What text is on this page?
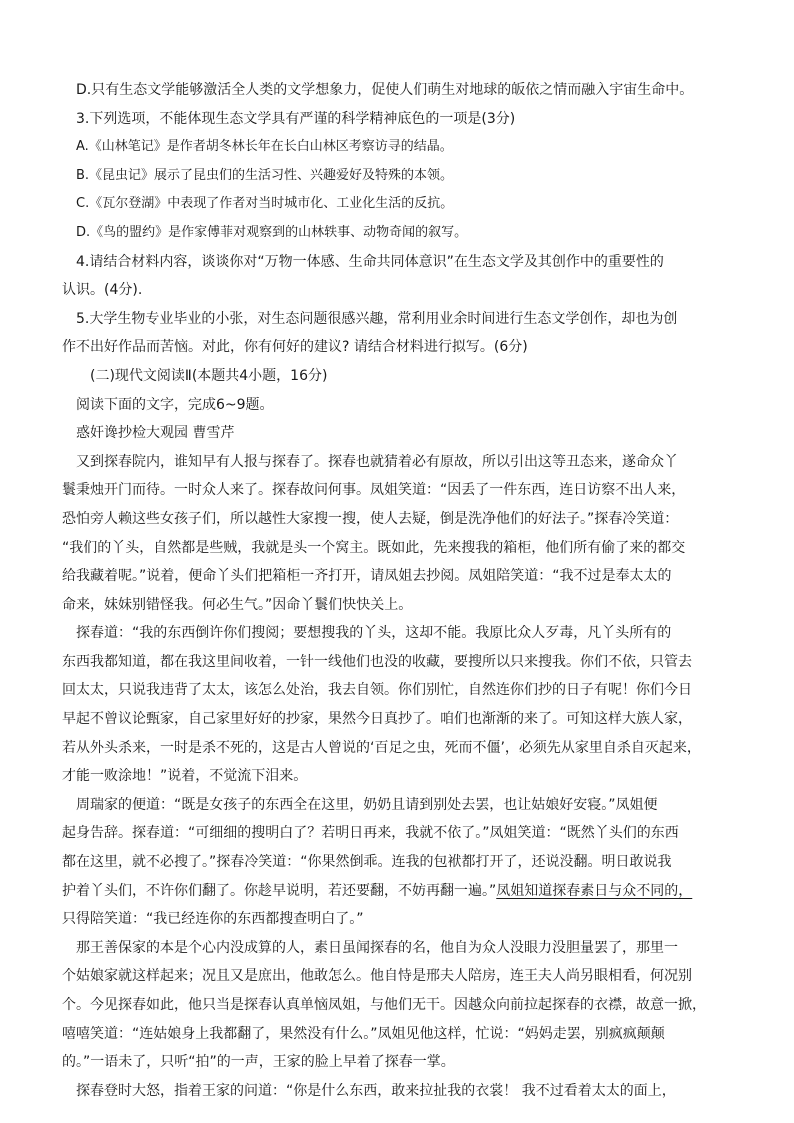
D.只有生态文学能够激活全人类的文学想象力，促使人们萌生对地球的皈依之情而融入宇宙生命中。

3.下列选项，不能体现生态文学具有严谨的科学精神底色的一项是(3分)

A.《山林笔记》是作者胡冬林长年在长白山林区考察访寻的结晶。

B.《昆虫记》展示了昆虫们的生活习性、兴趣爱好及特殊的本领。

C.《瓦尔登湖》中表现了作者对当时城市化、工业化生活的反抗。

D.《鸟的盟约》是作家傅菲对观察到的山林轶事、动物奇闻的叙写。

4.请结合材料内容，谈谈你对“万物一体感、生命共同体意识”在生态文学及其创作中的重要性的

认识。(4分).

5.大学生物专业毕业的小张，对生态问题很感兴趣，常利用业余时间进行生态文学创作，却也为创

作不出好作品而苦恼。对此，你有何好的建议? 请结合材料进行拟写。(6分)

(二)现代文阅读Ⅱ(本题共4小题，16分)

阅读下面的文字，完成6~9题。

惑奸谗抄检大观园 曹雪芹

又到探春院内，谁知早有人报与探春了。探春也就猜着必有原故，所以引出这等丑态来，遂命众丫

鬟秉烛开门而待。一时众人来了。探春故问何事。凤姐笑道：“因丢了一件东西，连日访察不出人来，

恐怕旁人赖这些女孩子们，所以越性大家搜一搜，使人去疑，倒是洗净他们的好法子。”探春冷笑道：

“我们的丫头，自然都是些贼，我就是头一个窝主。既如此，先来搜我的箱柜，他们所有偷了来的都交

给我藏着呢。”说着，便命丫头们把箱柜一齐打开，请凤姐去抄阅。凤姐陪笑道：“我不过是奉太太的

命来，妹妹别错怪我。何必生气。”因命丫鬟们快快关上。

探春道：“我的东西倒许你们搜阅；要想搜我的丫头，这却不能。我原比众人歹毒，凡丫头所有的

东西我都知道，都在我这里间收着，一针一线他们也没的收藏，要搜所以只来搜我。你们不依，只管去

回太太，只说我违背了太太，该怎么处治，我去自领。你们别忙，自然连你们抄的日子有呢！你们今日

早起不曾议论甄家，自己家里好好的抄家，果然今日真抄了。咱们也渐渐的来了。可知这样大族人家，

若从外头杀来，一时是杀不死的，这是古人曾说的‘百足之虫，死而不僵’，必须先从家里自杀自灭起来，

才能一败涂地！”说着，不觉流下泪来。

周瑞家的便道：“既是女孩子的东西全在这里，奶奶且请到别处去罢，也让姑娘好安寝。”凤姐便

起身告辞。探春道：“可细细的搜明白了？若明日再来，我就不依了。”凤姐笑道：“既然丫头们的东西

都在这里，就不必搜了。”探春冷笑道：“你果然倒乖。连我的包袱都打开了，还说没翻。明日敢说我

护着丫头们，不许你们翻了。你趁早说明，若还要翻，不妨再翻一遍。”凤姐知道探春素日与众不同的，

只得陪笑道：“我已经连你的东西都搜查明白了。”

那王善保家的本是个心内没成算的人，素日虽闻探春的名，他自为众人没眼力没胆量罢了，那里一

个姑娘家就这样起来；况且又是庶出，他敢怎么。他自恃是邢夫人陪房，连王夫人尚另眼相看，何况别

个。今见探春如此，他只当是探春认真单恼凤姐，与他们无干。因越众向前拉起探春的衣襟，故意一掀，

嘻嘻笑道：“连姑娘身上我都翻了，果然没有什么。”凤姐见他这样，忙说：“妈妈走罢，别疯疯颠颠

的。”一语未了，只听“拍”的一声，王家的脸上早着了探春一掌。

探春登时大怒，指着王家的问道：“你是什么东西，敢来拉扯我的衣裳！ 我不过看着太太的面上，
